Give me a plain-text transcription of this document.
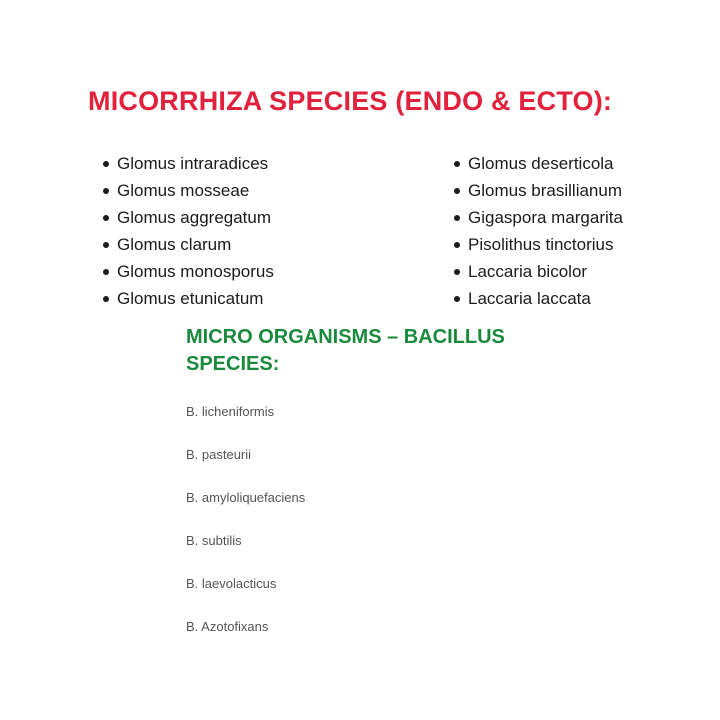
MICORRHIZA SPECIES (ENDO & ECTO):
Glomus intraradices
Glomus mosseae
Glomus aggregatum
Glomus clarum
Glomus monosporus
Glomus etunicatum
Glomus deserticola
Glomus brasillianum
Gigaspora margarita
Pisolithus tinctorius
Laccaria bicolor
Laccaria laccata
MICRO ORGANISMS – BACILLUS SPECIES:
B. licheniformis
B. pasteurii
B. amyloliquefaciens
B. subtilis
B. laevolacticus
B. Azotofixans
